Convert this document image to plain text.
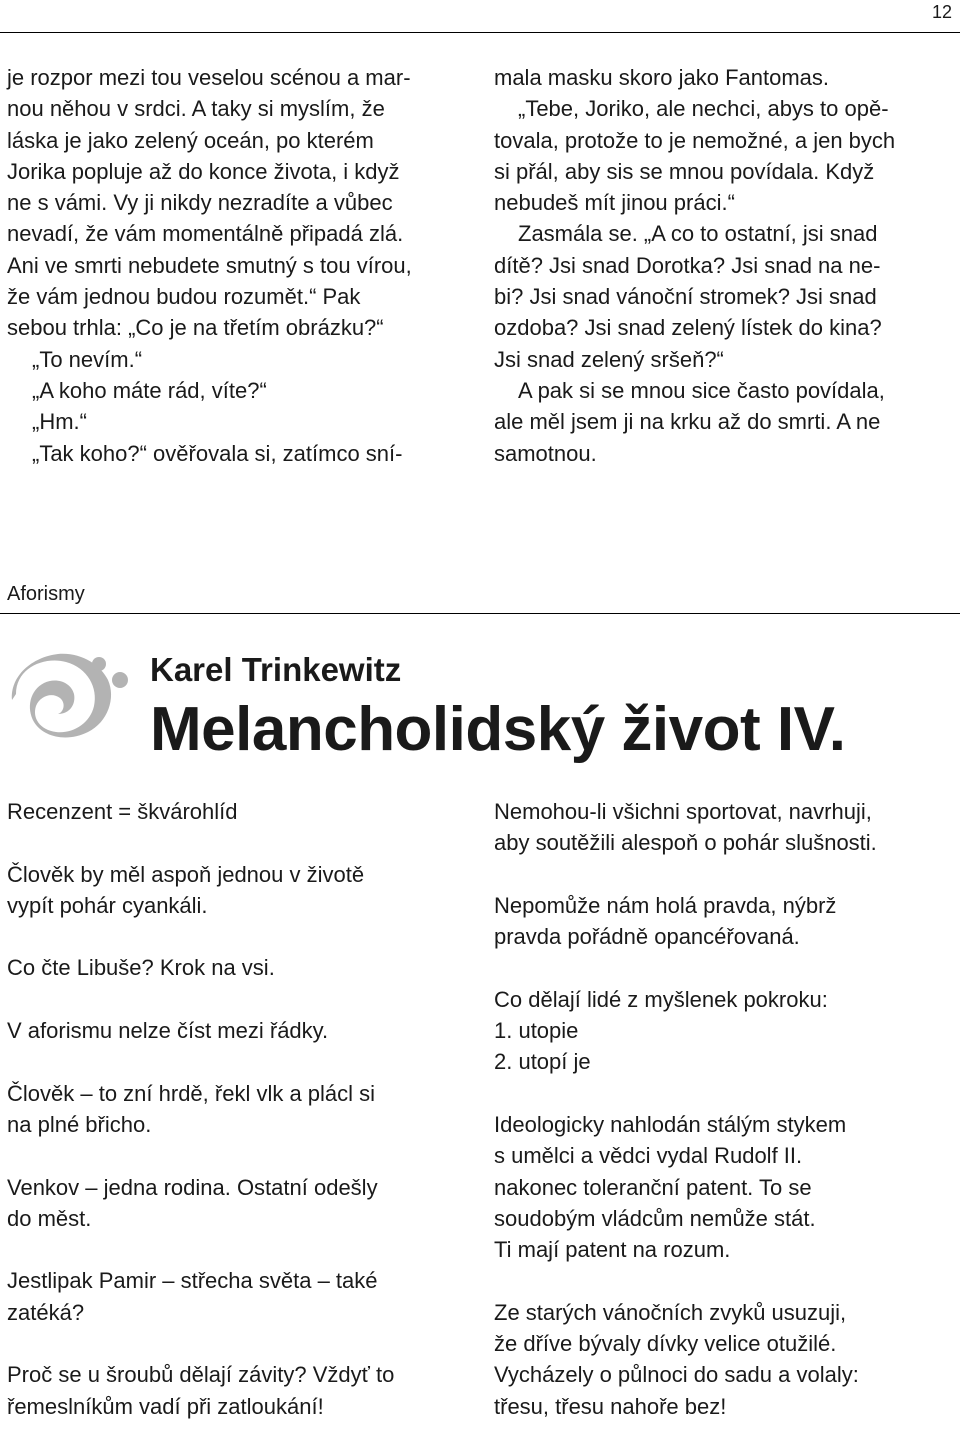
12

je rozpor mezi tou veselou scénou a mar-

nou něhou v srdci. A taky si myslím, že

láska je jako zelený oceán, po kterém

Jorika popluje až do konce života, i když

ne s vámi. Vy ji nikdy nezradíte a vůbec

nevadí, že vám momentálně připadá zlá.

Ani ve smrti nebudete smutný s tou vírou,

že vám jednou budou rozumět.“ Pak

sebou trhla: „Co je na třetím obrázku?“

„To nevím.“

„A koho máte rád, víte?“

„Hm.“

„Tak koho?“ ověřovala si, zatímco sní-

mala masku skoro jako Fantomas.

„Tebe, Joriko, ale nechci, abys to opě-

tovala, protože to je nemožné, a jen bych

si přál, aby sis se mnou povídala. Když

nebudeš mít jinou práci.“

Zasmála se. „A co to ostatní, jsi snad

dítě? Jsi snad Dorotka? Jsi snad na ne-

bi? Jsi snad vánoční stromek? Jsi snad

ozdoba? Jsi snad zelený lístek do kina?

Jsi snad zelený sršeň?“

A pak si se mnou sice často povídala,

ale měl jsem ji na krku až do smrti. A ne

samotnou.

Aforismy
Karel Trinkewitz
Melancholidský život IV.

Recenzent = škvárohlíd

Člověk by měl aspoň jednou v životě
vypít pohár cyankáli.

Co čte Libuše? Krok na vsi.

V aforismu nelze číst mezi řádky.

Člověk – to zní hrdě, řekl vlk a plácl si
na plné břicho.

Venkov – jedna rodina. Ostatní odešly
do měst.

Jestlipak Pamir – střecha světa – také
zatéká?

Proč se u šroubů dělají závity? Vždyť to
řemeslníkům vadí při zatloukání!

Nemohou-li všichni sportovat, navrhuji,
aby soutěžili alespoň o pohár slušnosti.

Nepomůže nám holá pravda, nýbrž
pravda pořádně opancéřovaná.

Co dělají lidé z myšlenek pokroku:
1. utopie
2. utopí je

Ideologicky nahlodán stálým stykem
s umělci a vědci vydal Rudolf II.
nakonec toleranční patent. To se
soudobým vládcům nemůže stát.
Ti mají patent na rozum.

Ze starých vánočních zvyků usuzuji,
že dříve bývaly dívky velice otužilé.
Vycházely o půlnoci do sadu a volaly:
třesu, třesu nahoře bez!
